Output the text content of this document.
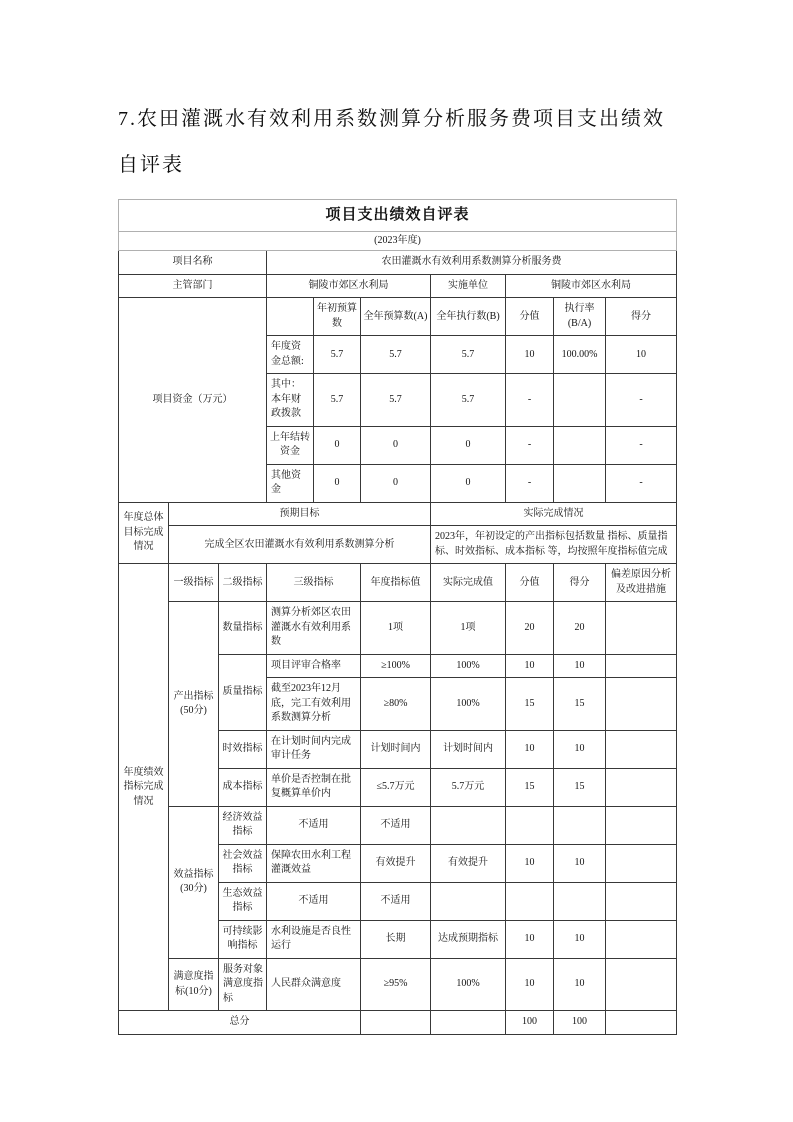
7.农田灌溉水有效利用系数测算分析服务费项目支出绩效自评表

项目支出绩效自评表									
(2023年度)									
项目名称			农田灌溉水有效利用系数测算分析服务费						
主管部门			铜陵市郊区水利局			实施单位	铜陵市郊区水利局		
项目资金（万元）				年初预算数	全年预算数(A)	全年执行数(B)	分值	执行率(B/A)	得分
			年度资金总额:	5.7	5.7	5.7	10	100.00%	10
			其中：本年财政拨款	5.7	5.7	5.7	-		-
			上年结转资金	0	0	0	-		-
			其他资金	0	0	0	-		-
年度总体目标完成情况	预期目标					实际完成情况			
	完成全区农田灌溉水有效利用系数测算分析					2023年，年初设定的产出指标包括数量 指标、质量指标、时效指标、成本指标 等，均按照年度指标值完成			
年度绩效指标完成情况	一级指标	二级指标	三级指标		年度指标值	实际完成值	分值	得分	偏差原因分析及改进措施
	产出指标(50分)	数量指标	测算分析郊区农田灌溉水有效利用系数		1项	1项	20	20	
		质量指标	项目评审合格率		≥100%	100%	10	10	
			截至2023年12月底，完工有效利用系数测算分析		≥80%	100%	15	15	
		时效指标	在计划时间内完成审计任务		计划时间内	计划时间内	10	10	
		成本指标	单价是否控制在批复概算单价内		≤5.7万元	5.7万元	15	15	
	效益指标(30分)	经济效益指标	不适用		不适用				
		社会效益指标	保障农田水利工程灌溉效益		有效提升	有效提升	10	10	
		生态效益指标	不适用		不适用				
		可持续影响指标	水利设施是否良性运行		长期	达成预期指标	10	10	
	满意度指标(10分)	服务对象满意度指标	人民群众满意度		≥95%	100%	10	10	
总分							100	100	
